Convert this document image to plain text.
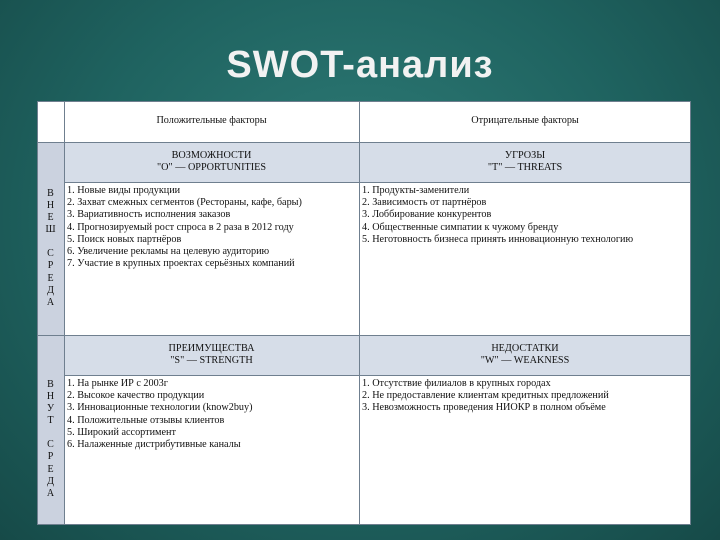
SWOT-анализ
Положительные факторы	Отрицательные факторы
В
Н
Е
Ш
С
Р
Е
Д
А
ВОЗМОЖНОСТИ
"O" — OPPORTUNITIES
УГРОЗЫ
"T" — THREATS
1. Новые виды продукции
2. Захват смежных сегментов (Рестораны, кафе, бары)
3. Вариативность исполнения заказов
4. Прогнозируемый рост спроса в 2 раза в 2012 году
5. Поиск новых партнёров
6. Увеличение рекламы на целевую аудиторию
7. Участие в крупных проектах серьёзных компаний
1. Продукты-заменители
2. Зависимость от партнёров
3. Лоббирование конкурентов
4. Общественные симпатии к чужому бренду
5. Неготовность бизнеса принять инновационную технологию
В
Н
У
Т
С
Р
Е
Д
А
ПРЕИМУЩЕСТВА
"S" — STRENGTH
НЕДОСТАТКИ
"W" — WEAKNESS
1. На рынке ИР с 2003г
2. Высокое качество продукции
3. Инновационные технологии (know2buy)
4. Положительные отзывы клиентов
5. Широкий ассортимент
6. Налаженные дистрибутивные каналы
1. Отсутствие филиалов в крупных городах
2. Не предоставление клиентам кредитных предложений
3. Невозможность проведения НИОКР в полном объёме
